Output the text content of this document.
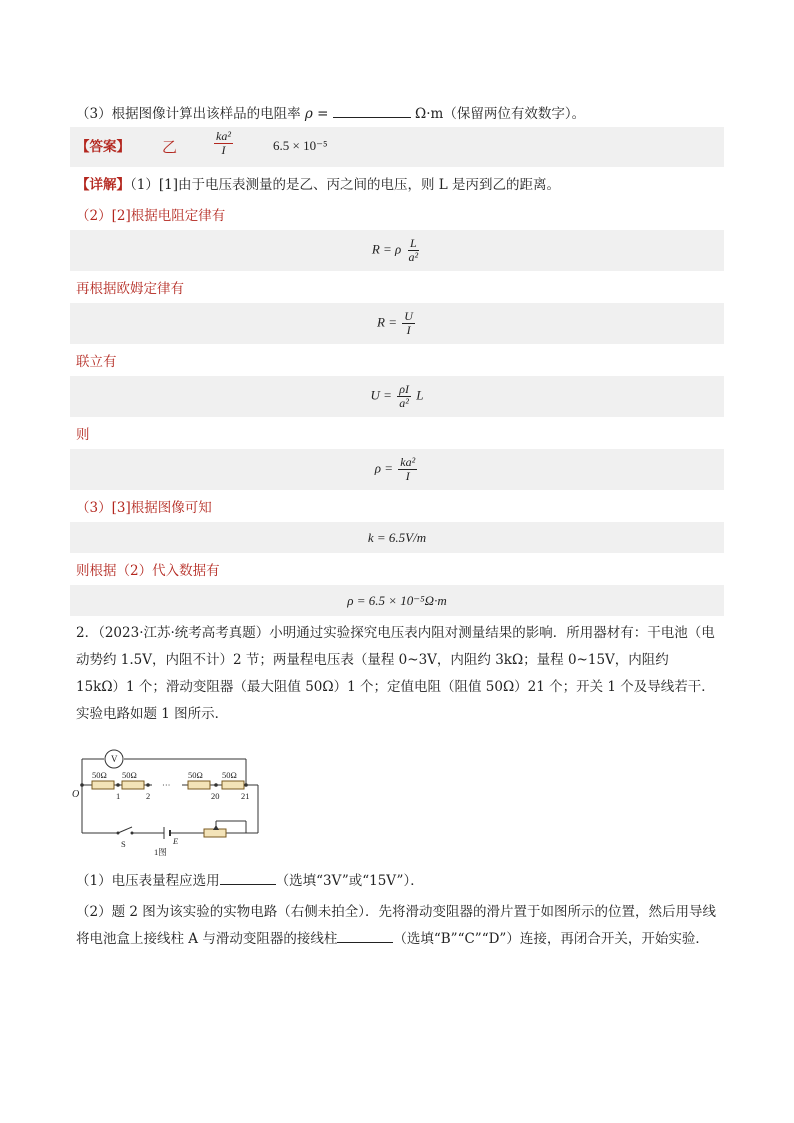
（3）根据图像计算出该样品的电阻率 ρ =	Ω·m（保留两位有效数字）。
【答案】 乙	$\frac{\text{ka²}}{I}$	6.5 × 10⁻⁵
【详解】（1）[1]由于电压表测量的是乙、丙之间的电压，则 L 是丙到乙的距离。
（2）[2]根据电阻定律有
R = ρ $\frac{L}{\text{a²}}$
再根据欧姆定律有
$R = \frac{U}{I}$
联立有
$U = \frac{\rho I}{\text{a²}}$ L
则
$\rho = \frac{\text{ka²}}{I}$
（3）[3]根据图像可知
k = 6.5V/m
则根据（2）代入数据有
ρ = 6.5 × 10⁻⁵Ω·m
2．（2023·江苏·统考高考真题）小明通过实验探究电压表内阻对测量结果的影响．所用器材有：干电池（电动势约 1.5V，内阻不计）2 节；两量程电压表（量程 0~3V，内阻约 3kΩ；量程 0~15V，内阻约 15kΩ）1 个；滑动变阻器（最大阻值 50Ω）1 个；定值电阻（阻值 50Ω）21 个；开关 1 个及导线若干．实验电路如题 1 图所示．
V
50Ω 50Ω	50Ω 50Ω
O	1	2
···
20	21
S	E
1图
（1）电压表量程应选用	（选填“3V”或“15V”）．
（2）题 2 图为该实验的实物电路（右侧未拍全）．先将滑动变阻器的滑片置于如图所示的位置，然后用导线将电池盒上接线柱 A 与滑动变阻器的接线柱	（选填“B”“C”“D”）连接，再闭合开关，开始实验．
